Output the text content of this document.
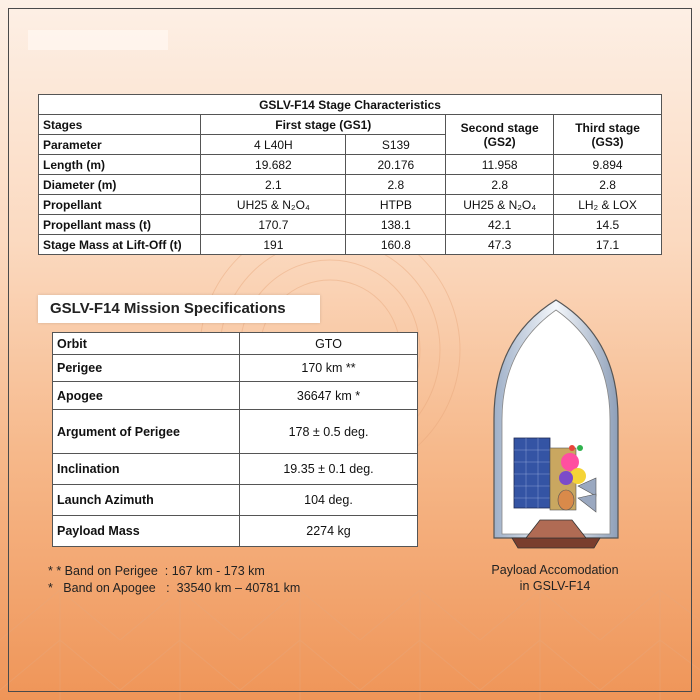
GSLV-F14 Stage Characteristics				
Stages	First stage (GS1)		Second stage (GS2)	Third stage (GS3)
Parameter	4 L40H	S139		
Length (m)	19.682	20.176	11.958	9.894
Diameter (m)	2.1	2.8	2.8	2.8
Propellant	UH25 & N₂O₄	HTPB	UH25 & N₂O₄	LH₂ & LOX
Propellant mass (t)	170.7	138.1	42.1	14.5
Stage Mass at Lift-Off (t)	191	160.8	47.3	17.1
GSLV-F14 Mission Specifications
Orbit	GTO
Perigee	170 km **
Apogee	36647 km *
Argument of Perigee	178 ± 0.5 deg.
Inclination	19.35 ± 0.1 deg.
Launch Azimuth	104 deg.
Payload Mass	2274 kg
* * Band on Perigee  : 167 km - 173 km
*   Band on Apogee   :  33540 km – 40781 km
Payload Accomodation
in GSLV-F14
